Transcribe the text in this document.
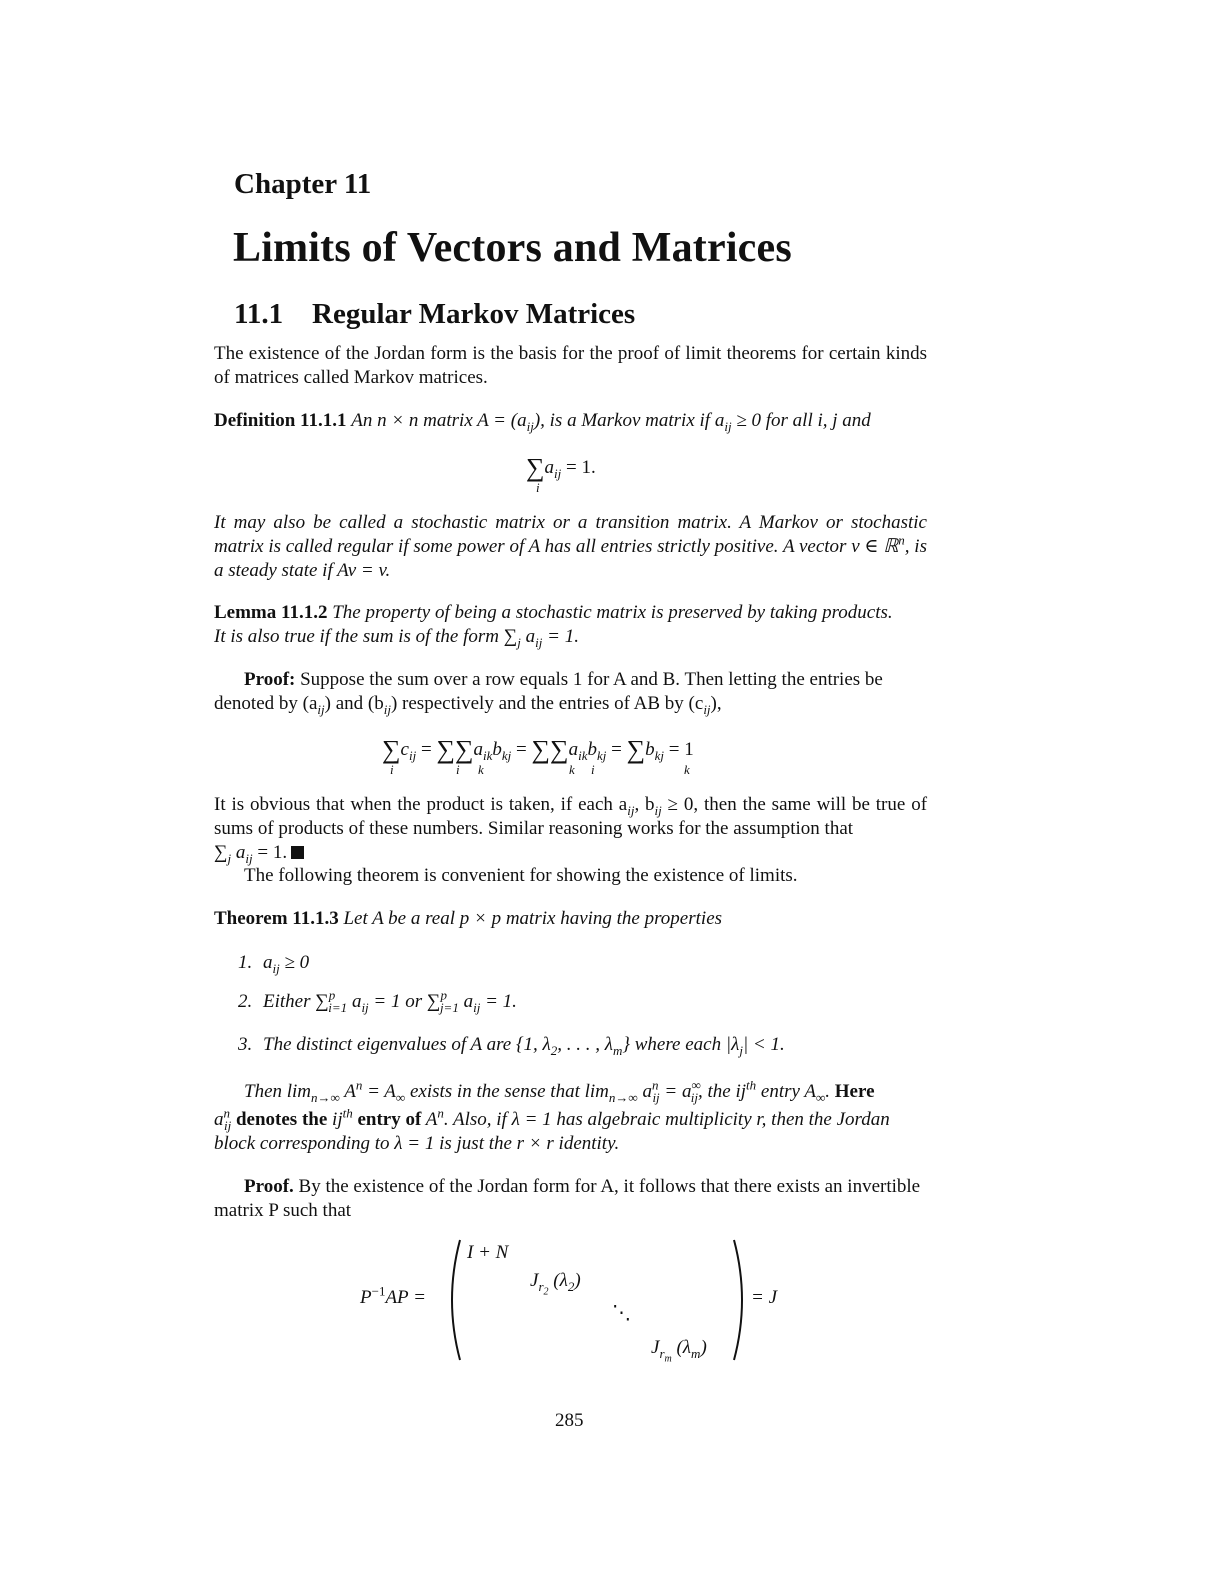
Chapter 11
Limits of Vectors and Matrices
11.1 Regular Markov Matrices
The existence of the Jordan form is the basis for the proof of limit theorems for certain kinds of matrices called Markov matrices.
Definition 11.1.1 An n × n matrix $A = (a_{ij})$, is a Markov matrix if $a_{ij} \ge 0$ for all i, j and
$\sum a_{ij} = 1$.
i
It may also be called a stochastic matrix or a transition matrix. A Markov or stochastic matrix is called regular if some power of A has all entries strictly positive. A vector v ∈ ℝ$^n$, is a steady state if Av = v.
Lemma 11.1.2 The property of being a stochastic matrix is preserved by taking products.
It is also true if the sum is of the form $\sum_j$ $a_{ij} = 1$.
Proof: Suppose the sum over a row equals 1 for A and B. Then letting the entries be
denoted by $(a_{ij})$ and $(b_{ij})$ respectively and the entries of AB by $(c_{ij})$,
$\sum c_{ij} = \sum\sum a_{ik}b_{kj} = \sum\sum a_{ik}b_{kj} = \sum b_{kj} = 1$
i	i k	k i	k
It is obvious that when the product is taken, if each $a_{ij}$, $b_{ij} \ge 0$, then the same will be true of sums of products of these numbers. Similar reasoning works for the assumption that
$\sum_j$ $a_{ij} = 1$.
The following theorem is convenient for showing the existence of limits.
Theorem 11.1.3 Let A be a real p × p matrix having the properties
1. $a_{ij} \ge 0$
2. Either ∑$^p_{i=1}$ $a_{ij} = 1$ or ∑$^p_{j=1}$ $a_{ij} = 1$.
3. The distinct eigenvalues of A are {1, $\lambda_2$, . . . , $\lambda_m$} where each $|\lambda_j| < 1$.
Then $\lim_{n\to\infty} A^n = A_\infty$ exists in the sense that $\lim_{n\to\infty} a^n_{ij} = a^\infty_{ij}$, the $ij^{th}$ entry $A_\infty$. Here
$a^n_{ij}$ denotes the $ij^{th}$ entry of $A^n$. Also, if λ = 1 has algebraic multiplicity r, then the Jordan
block corresponding to λ = 1 is just the r × r identity.
Proof. By the existence of the Jordan form for A, it follows that there exists an invertible
matrix P such that
$P^{-1}AP$ =
I + N
$J_{r_2}$ $(\lambda_2)$
⋱
$J_{r_m}$ $(\lambda_m)$
= J
285
